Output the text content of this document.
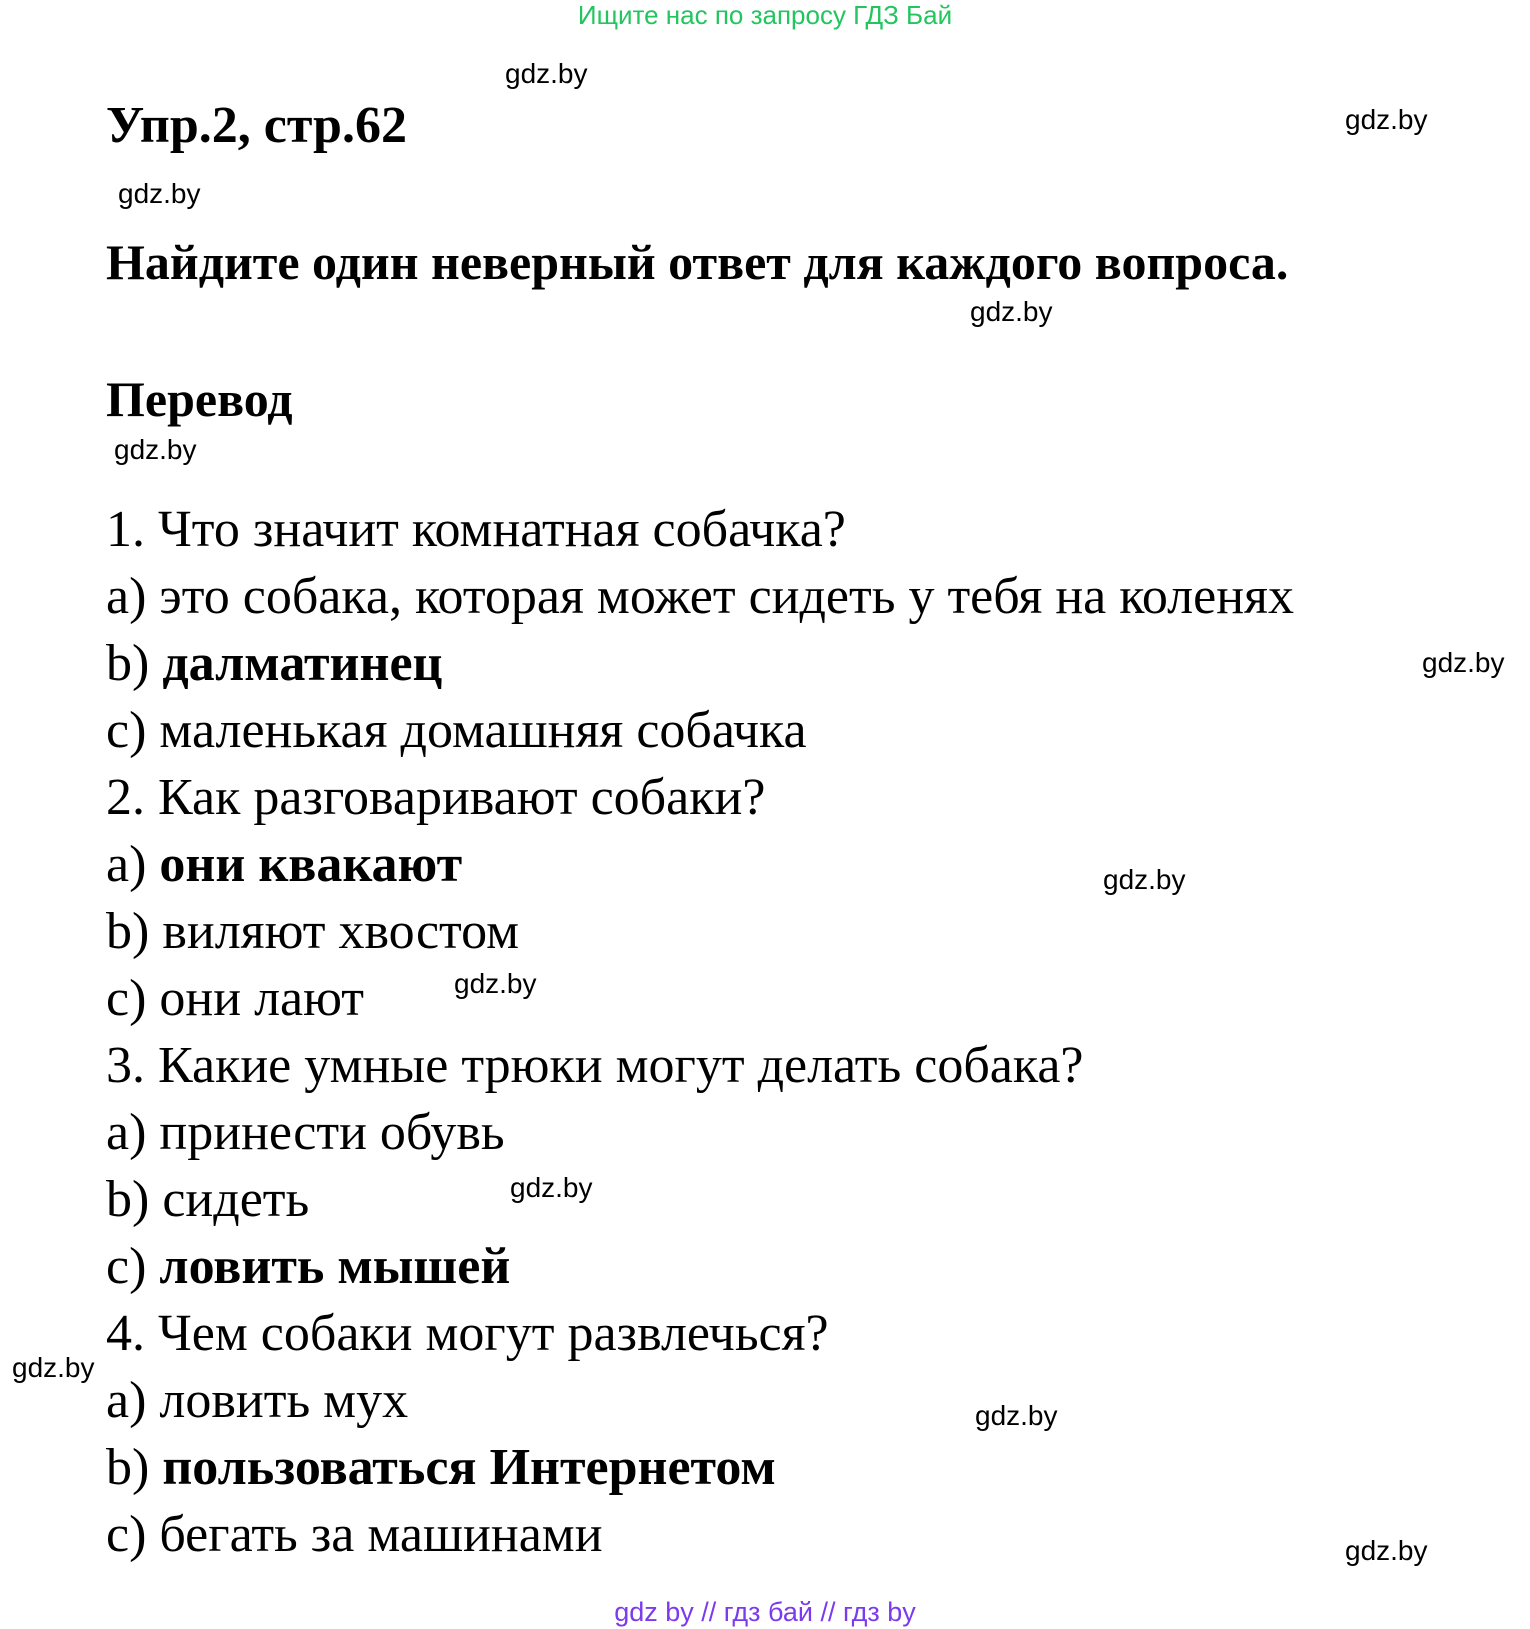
Ищите нас по запросу ГДЗ Бай
Упр.2, стр.62
Найдите один неверный ответ для каждого вопроса.
Перевод
1. Что значит комнатная собачка?
a) это собака, которая может сидеть у тебя на коленях
b) далматинец
c) маленькая домашняя собачка
2. Как разговаривают собаки?
a) они квакают
b) виляют хвостом
c) они лают
3. Какие умные трюки могут делать собака?
a) принести обувь
b) сидеть
c) ловить мышей
4. Чем собаки могут развлечься?
a) ловить мух
b) пользоваться Интернетом
c) бегать за машинами
gdz.by
gdz.by
gdz.by
gdz.by
gdz.by
gdz.by
gdz.by
gdz.by
gdz.by
gdz.by
gdz.by
gdz.by
gdz by // гдз бай // гдз by
